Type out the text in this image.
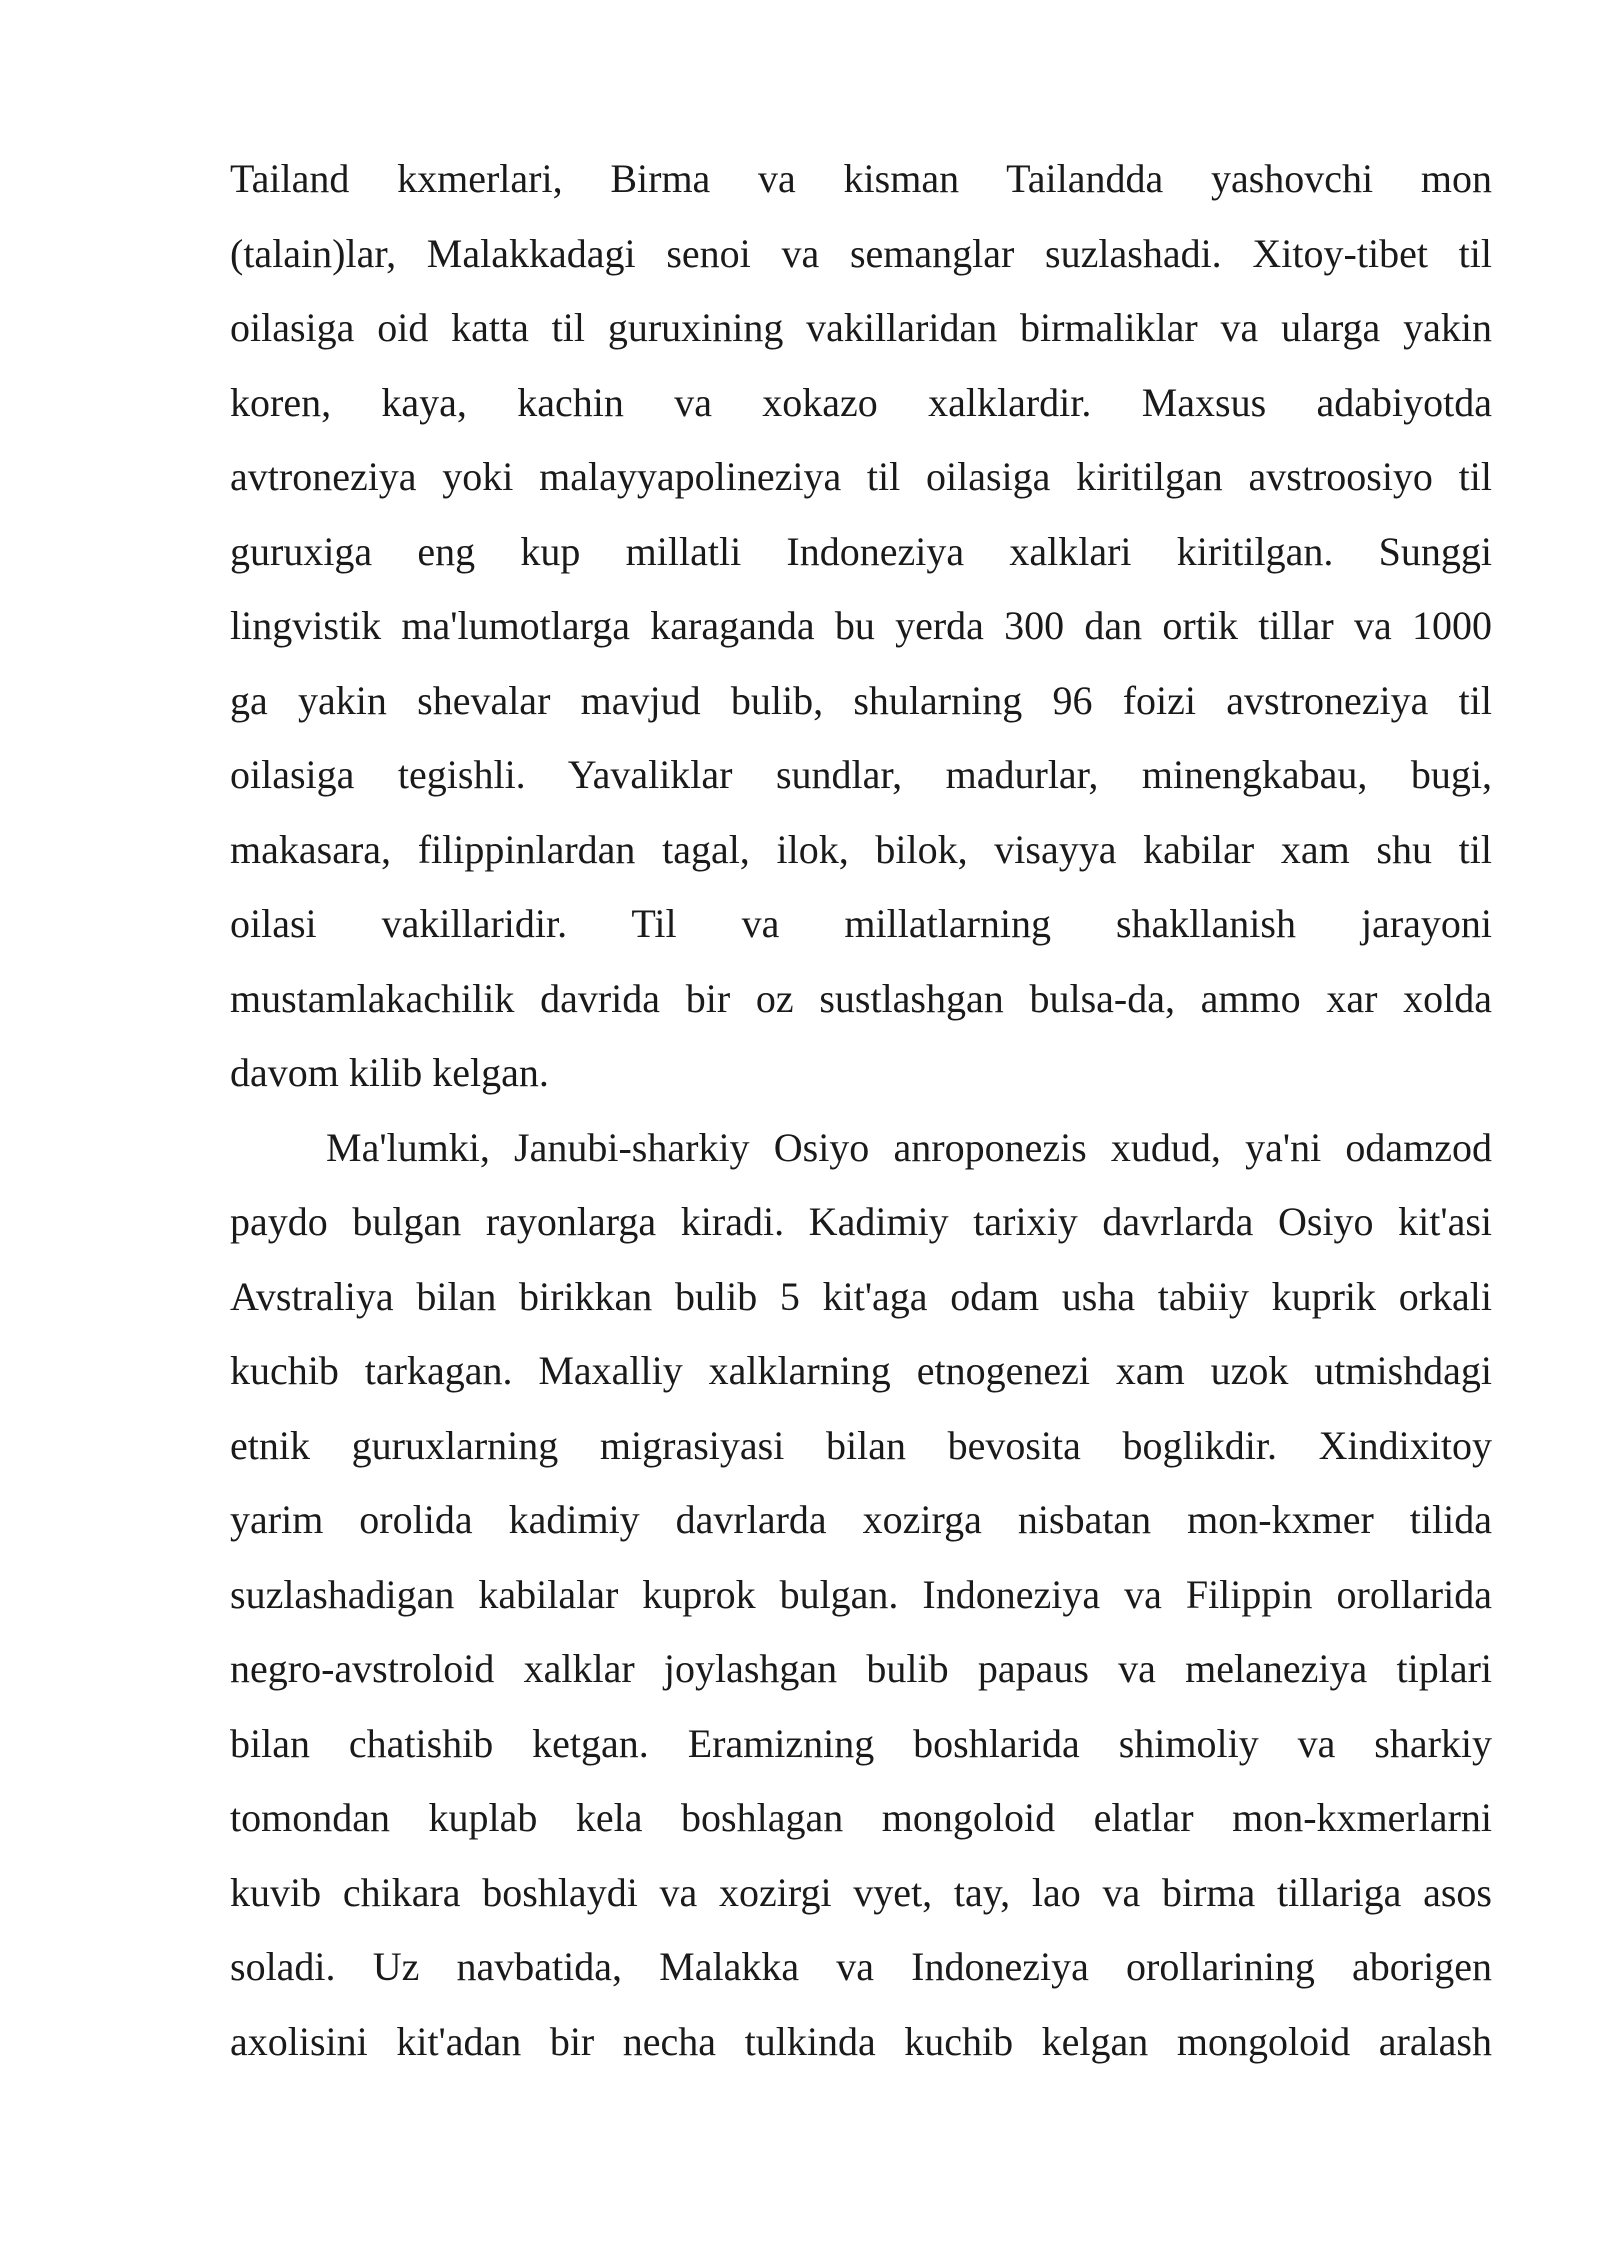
Tailand kxmerlari, Birma va kisman Tailandda yashovchi mon
(talain)lar, Malakkadagi senoi va semanglar suzlashadi. Xitoy-tibet til
oilasiga oid katta til guruxining vakillaridan birmaliklar va ularga yakin
koren, kaya, kachin va xokazo xalklardir. Maxsus adabiyotda
avtroneziya yoki malayyapolineziya til oilasiga kiritilgan avstroosiyo til
guruxiga eng kup millatli Indoneziya xalklari kiritilgan. Sunggi
lingvistik ma'lumotlarga karaganda bu yerda 300 dan ortik tillar va 1000
ga yakin shevalar mavjud bulib, shularning 96 foizi avstroneziya til
oilasiga tegishli. Yavaliklar sundlar, madurlar, minengkabau, bugi,
makasara, filippinlardan tagal, ilok, bilok, visayya kabilar xam shu til
oilasi vakillaridir. Til va millatlarning shakllanish jarayoni
mustamlakachilik davrida bir oz sustlashgan bulsa-da, ammo xar xolda
davom kilib kelgan.
Ma'lumki, Janubi-sharkiy Osiyo anroponezis xudud, ya'ni odamzod
paydo bulgan rayonlarga kiradi. Kadimiy tarixiy davrlarda Osiyo kit'asi
Avstraliya bilan birikkan bulib 5 kit'aga odam usha tabiiy kuprik orkali
kuchib tarkagan. Maxalliy xalklarning etnogenezi xam uzok utmishdagi
etnik guruxlarning migrasiyasi bilan bevosita boglikdir. Xindixitoy
yarim orolida kadimiy davrlarda xozirga nisbatan mon-kxmer tilida
suzlashadigan kabilalar kuprok bulgan. Indoneziya va Filippin orollarida
negro-avstroloid xalklar joylashgan bulib papaus va melaneziya tiplari
bilan chatishib ketgan. Eramizning boshlarida shimoliy va sharkiy
tomondan kuplab kela boshlagan mongoloid elatlar mon-kxmerlarni
kuvib chikara boshlaydi va xozirgi vyet, tay, lao va birma tillariga asos
soladi. Uz navbatida, Malakka va Indoneziya orollarining aborigen
axolisini kit'adan bir necha tulkinda kuchib kelgan mongoloid aralash
